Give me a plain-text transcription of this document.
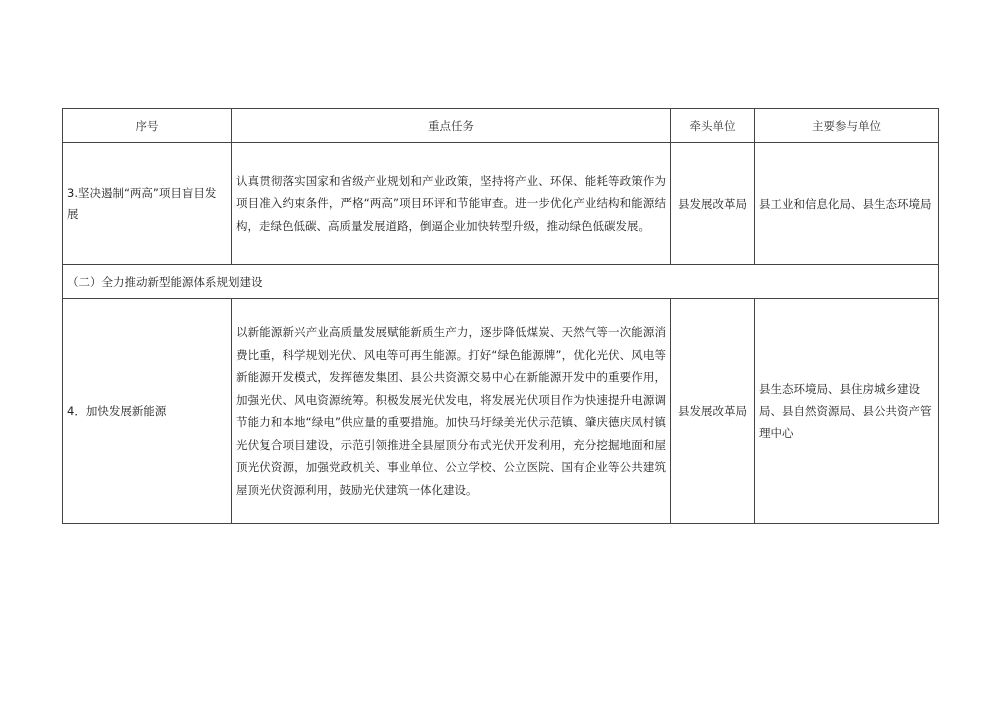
序号	重点任务	牵头单位	主要参与单位
3.坚决遏制“两高”项目盲目发展	认真贯彻落实国家和省级产业规划和产业政策，坚持将产业、环保、能耗等政策作为项目准入约束条件，严格“两高”项目环评和节能审查。进一步优化产业结构和能源结构，走绿色低碳、高质量发展道路，倒逼企业加快转型升级，推动绿色低碳发展。	县发展改革局	县工业和信息化局、县生态环境局
（二）全力推动新型能源体系规划建设			
4．加快发展新能源	以新能源新兴产业高质量发展赋能新质生产力，逐步降低煤炭、天然气等一次能源消费比重，科学规划光伏、风电等可再生能源。打好“绿色能源牌”，优化光伏、风电等新能源开发模式，发挥德发集团、县公共资源交易中心在新能源开发中的重要作用，加强光伏、风电资源统筹。积极发展光伏发电，将发展光伏项目作为快速提升电源调节能力和本地“绿电”供应量的重要措施。加快马圩绿美光伏示范镇、肇庆德庆凤村镇光伏复合项目建设，示范引领推进全县屋顶分布式光伏开发利用，充分挖掘地面和屋顶光伏资源，加强党政机关、事业单位、公立学校、公立医院、国有企业等公共建筑屋顶光伏资源利用，鼓励光伏建筑一体化建设。	县发展改革局	县生态环境局、县住房城乡建设局、县自然资源局、县公共资产管理中心
